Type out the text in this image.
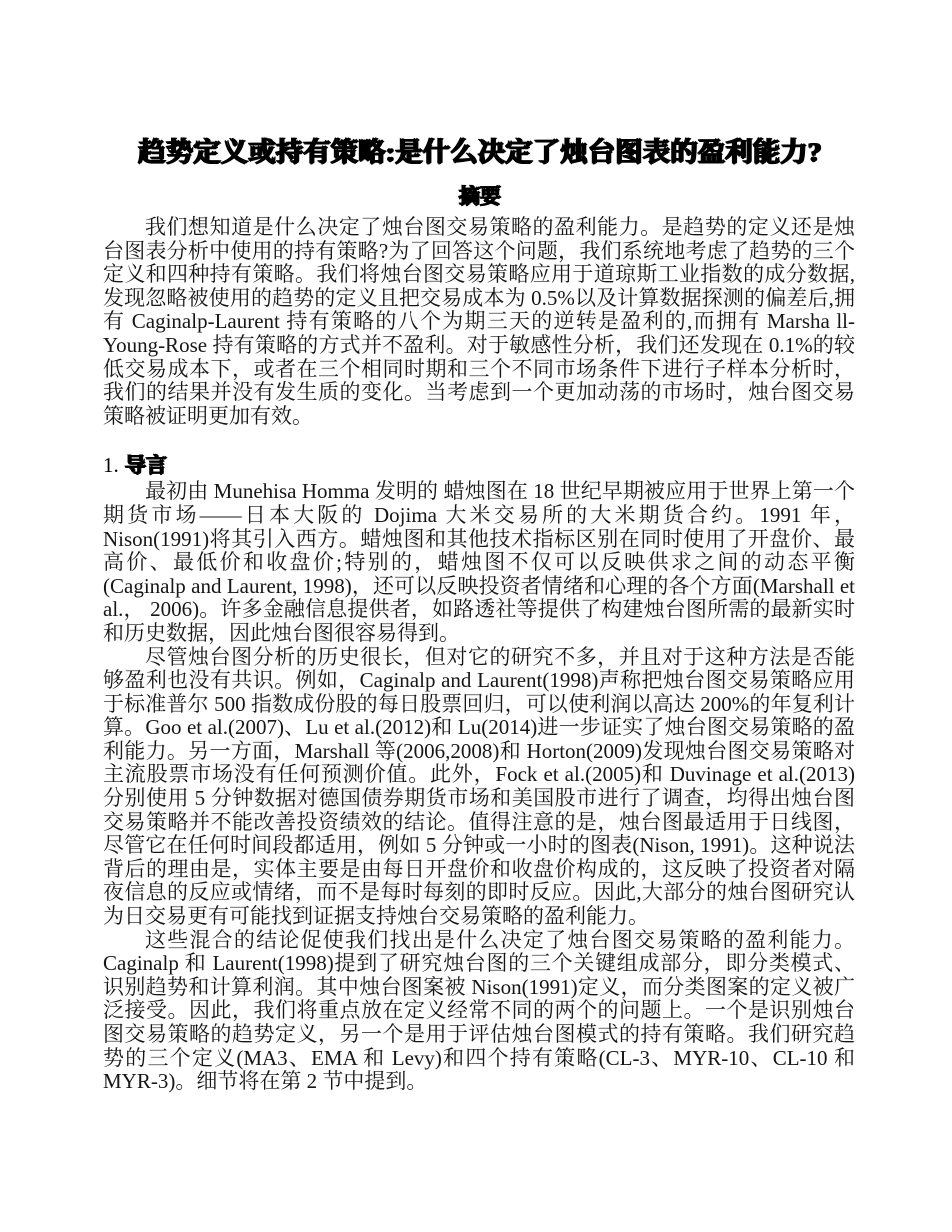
趋势定义或持有策略:是什么决定了烛台图表的盈利能力?
摘要

我们想知道是什么决定了烛台图交易策略的盈利能力。是趋势的定义还是烛台图表分析中使用的持有策略?为了回答这个问题，我们系统地考虑了趋势的三个定义和四种持有策略。我们将烛台图交易策略应用于道琼斯工业指数的成分数据,发现忽略被使用的趋势的定义且把交易成本为 0.5%以及计算数据探测的偏差后,拥有 Caginalp-Laurent 持有策略的八个为期三天的逆转是盈利的,而拥有 Marsha ll-Young-Rose 持有策略的方式并不盈利。对于敏感性分析，我们还发现在 0.1%的较低交易成本下，或者在三个相同时期和三个不同市场条件下进行子样本分析时，我们的结果并没有发生质的变化。当考虑到一个更加动荡的市场时，烛台图交易策略被证明更加有效。

1. 导言

最初由 Munehisa Homma 发明的 蜡烛图在 18 世纪早期被应用于世界上第一个期货市场——日本大阪的 Dojima 大米交易所的大米期货合约。1991 年，Nison(1991)将其引入西方。蜡烛图和其他技术指标区别在同时使用了开盘价、最高价、最低价和收盘价;特别的，蜡烛图不仅可以反映供求之间的动态平衡(Caginalp and Laurent, 1998)，还可以反映投资者情绪和心理的各个方面(Marshall et al.， 2006)。许多金融信息提供者，如路透社等提供了构建烛台图所需的最新实时和历史数据，因此烛台图很容易得到。

尽管烛台图分析的历史很长，但对它的研究不多，并且对于这种方法是否能够盈利也没有共识。例如，Caginalp and Laurent(1998)声称把烛台图交易策略应用于标准普尔 500 指数成份股的每日股票回归，可以使利润以高达 200%的年复利计算。Goo et al.(2007)、Lu et al.(2012)和 Lu(2014)进一步证实了烛台图交易策略的盈利能力。另一方面，Marshall 等(2006,2008)和 Horton(2009)发现烛台图交易策略对主流股票市场没有任何预测价值。此外，Fock et al.(2005)和 Duvinage et al.(2013)分别使用 5 分钟数据对德国债券期货市场和美国股市进行了调查，均得出烛台图交易策略并不能改善投资绩效的结论。值得注意的是，烛台图最适用于日线图，尽管它在任何时间段都适用，例如 5 分钟或一小时的图表(Nison, 1991)。这种说法背后的理由是，实体主要是由每日开盘价和收盘价构成的，这反映了投资者对隔夜信息的反应或情绪，而不是每时每刻的即时反应。因此,大部分的烛台图研究认为日交易更有可能找到证据支持烛台交易策略的盈利能力。

这些混合的结论促使我们找出是什么决定了烛台图交易策略的盈利能力。Caginalp 和 Laurent(1998)提到了研究烛台图的三个关键组成部分，即分类模式、识别趋势和计算利润。其中烛台图案被 Nison(1991)定义，而分类图案的定义被广泛接受。因此，我们将重点放在定义经常不同的两个的问题上。一个是识别烛台图交易策略的趋势定义，另一个是用于评估烛台图模式的持有策略。我们研究趋势的三个定义(MA3、EMA 和 Levy)和四个持有策略(CL-3、MYR-10、CL-10 和 MYR-3)。细节将在第 2 节中提到。
